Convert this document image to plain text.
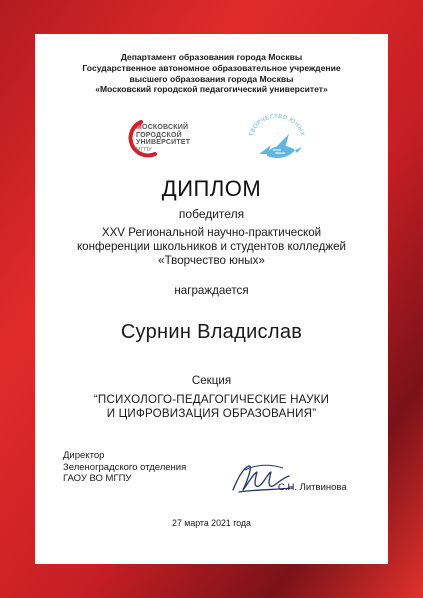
Департамент образования города Москвы
Государственное автономное образовательное учреждение
высшего образования города Москвы
«Московский городской педагогический университет»
МОСКОВСКИЙ
ГОРОДСКОЙ
УНИВЕРСИТЕТ
МГПУ
ТВОРЧЕСТВО ЮНЫХ
ДИПЛОМ
победителя
XXV Региональной научно-практической
конференции школьников и студентов колледжей
«Творчество юных»
награждается
Сурнин Владислав
Секция
“ПСИХОЛОГО-ПЕДАГОГИЧЕСКИЕ НАУКИ
И ЦИФРОВИЗАЦИЯ ОБРАЗОВАНИЯ”
Директор
Зеленоградского отделения
ГАОУ ВО МГПУ
С.Н. Литвинова
27 марта 2021 года
